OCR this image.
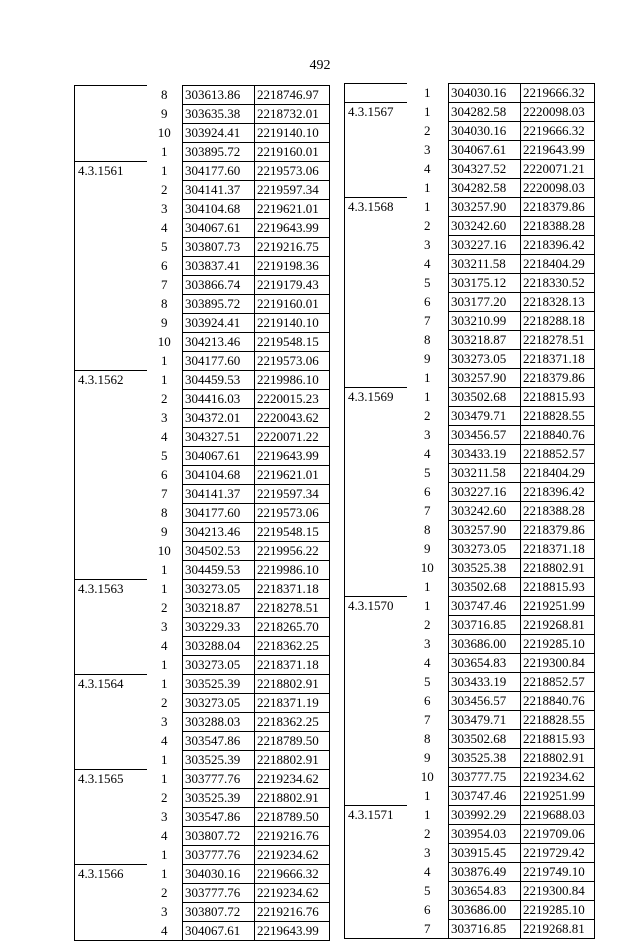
492
	8	303613.86	2218746.97
	9	303635.38	2218732.01
	10	303924.41	2219140.10
	1	303895.72	2219160.01
4.3.1561	1	304177.60	2219573.06
	2	304141.37	2219597.34
	3	304104.68	2219621.01
	4	304067.61	2219643.99
	5	303807.73	2219216.75
	6	303837.41	2219198.36
	7	303866.74	2219179.43
	8	303895.72	2219160.01
	9	303924.41	2219140.10
	10	304213.46	2219548.15
	1	304177.60	2219573.06
4.3.1562	1	304459.53	2219986.10
	2	304416.03	2220015.23
	3	304372.01	2220043.62
	4	304327.51	2220071.22
	5	304067.61	2219643.99
	6	304104.68	2219621.01
	7	304141.37	2219597.34
	8	304177.60	2219573.06
	9	304213.46	2219548.15
	10	304502.53	2219956.22
	1	304459.53	2219986.10
4.3.1563	1	303273.05	2218371.18
	2	303218.87	2218278.51
	3	303229.33	2218265.70
	4	303288.04	2218362.25
	1	303273.05	2218371.18
4.3.1564	1	303525.39	2218802.91
	2	303273.05	2218371.19
	3	303288.03	2218362.25
	4	303547.86	2218789.50
	1	303525.39	2218802.91
4.3.1565	1	303777.76	2219234.62
	2	303525.39	2218802.91
	3	303547.86	2218789.50
	4	303807.72	2219216.76
	1	303777.76	2219234.62
4.3.1566	1	304030.16	2219666.32
	2	303777.76	2219234.62
	3	303807.72	2219216.76
	4	304067.61	2219643.99
	1	304030.16	2219666.32
4.3.1567	1	304282.58	2220098.03
	2	304030.16	2219666.32
	3	304067.61	2219643.99
	4	304327.52	2220071.21
	1	304282.58	2220098.03
4.3.1568	1	303257.90	2218379.86
	2	303242.60	2218388.28
	3	303227.16	2218396.42
	4	303211.58	2218404.29
	5	303175.12	2218330.52
	6	303177.20	2218328.13
	7	303210.99	2218288.18
	8	303218.87	2218278.51
	9	303273.05	2218371.18
	1	303257.90	2218379.86
4.3.1569	1	303502.68	2218815.93
	2	303479.71	2218828.55
	3	303456.57	2218840.76
	4	303433.19	2218852.57
	5	303211.58	2218404.29
	6	303227.16	2218396.42
	7	303242.60	2218388.28
	8	303257.90	2218379.86
	9	303273.05	2218371.18
	10	303525.38	2218802.91
	1	303502.68	2218815.93
4.3.1570	1	303747.46	2219251.99
	2	303716.85	2219268.81
	3	303686.00	2219285.10
	4	303654.83	2219300.84
	5	303433.19	2218852.57
	6	303456.57	2218840.76
	7	303479.71	2218828.55
	8	303502.68	2218815.93
	9	303525.38	2218802.91
	10	303777.75	2219234.62
	1	303747.46	2219251.99
4.3.1571	1	303992.29	2219688.03
	2	303954.03	2219709.06
	3	303915.45	2219729.42
	4	303876.49	2219749.10
	5	303654.83	2219300.84
	6	303686.00	2219285.10
	7	303716.85	2219268.81
